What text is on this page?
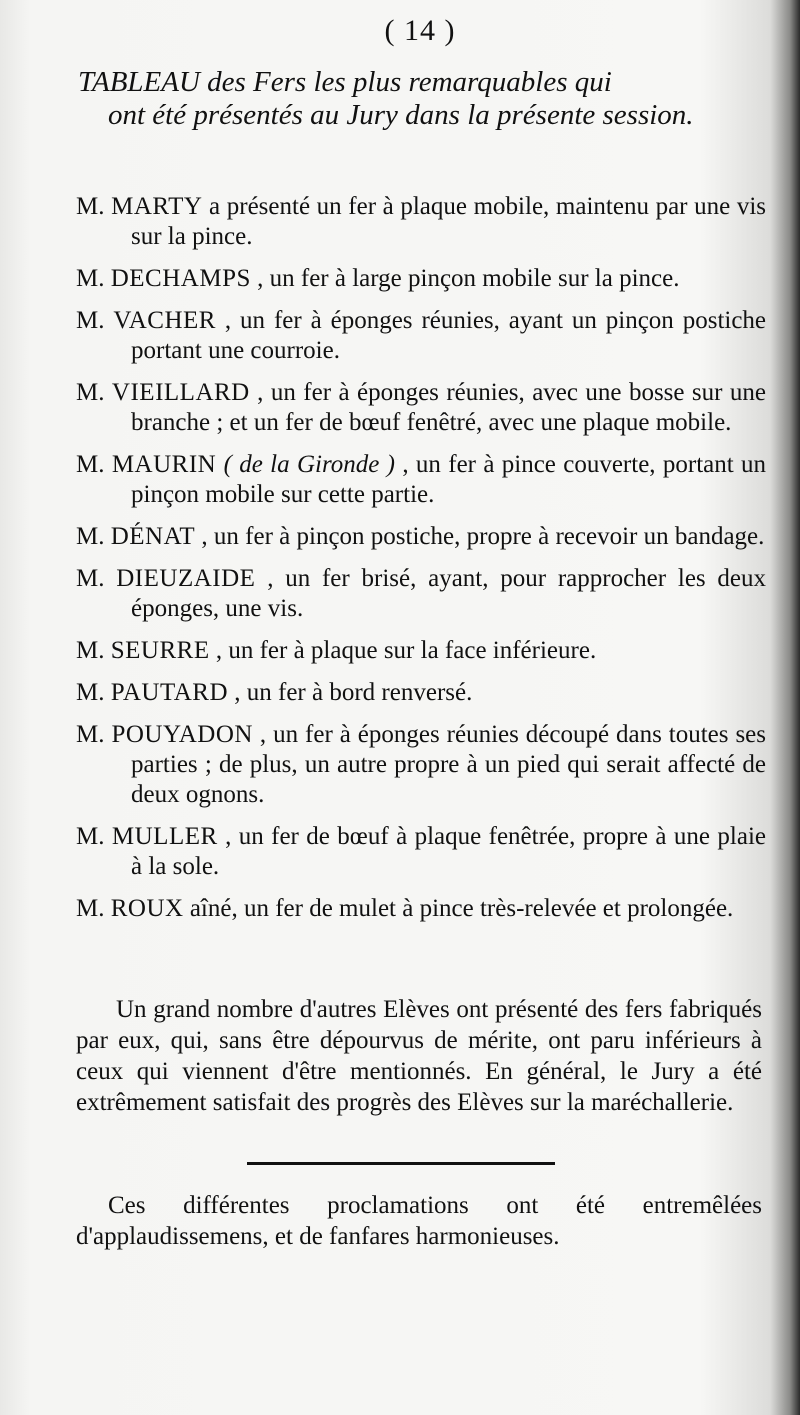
( 14 )
TABLEAU des Fers les plus remarquables qui
ont été présentés au Jury dans la présente session.
M. MARTY a présenté un fer à plaque mobile, maintenu par une vis sur la pince.
M. DECHAMPS , un fer à large pinçon mobile sur la pince.
M. VACHER , un fer à éponges réunies, ayant un pinçon postiche portant une courroie.
M. VIEILLARD , un fer à éponges réunies, avec une bosse sur une branche ; et un fer de bœuf fenêtré, avec une plaque mobile.
M. MAURIN ( de la Gironde ) , un fer à pince couverte, portant un pinçon mobile sur cette partie.
M. DÉNAT , un fer à pinçon postiche, propre à recevoir un bandage.
M. DIEUZAIDE , un fer brisé, ayant, pour rapprocher les deux éponges, une vis.
M. SEURRE , un fer à plaque sur la face inférieure.
M. PAUTARD , un fer à bord renversé.
M. POUYADON , un fer à éponges réunies découpé dans toutes ses parties ; de plus, un autre propre à un pied qui serait affecté de deux ognons.
M. MULLER , un fer de bœuf à plaque fenêtrée, propre à une plaie à la sole.
M. ROUX aîné, un fer de mulet à pince très-relevée et prolongée.

Un grand nombre d'autres Elèves ont présenté des fers fabriqués par eux, qui, sans être dépourvus de mérite, ont paru inférieurs à ceux qui viennent d'être mentionnés. En général, le Jury a été extrêmement satisfait des progrès des Elèves sur la maréchallerie.

Ces différentes proclamations ont été entremêlées d'applaudissemens, et de fanfares harmonieuses.
